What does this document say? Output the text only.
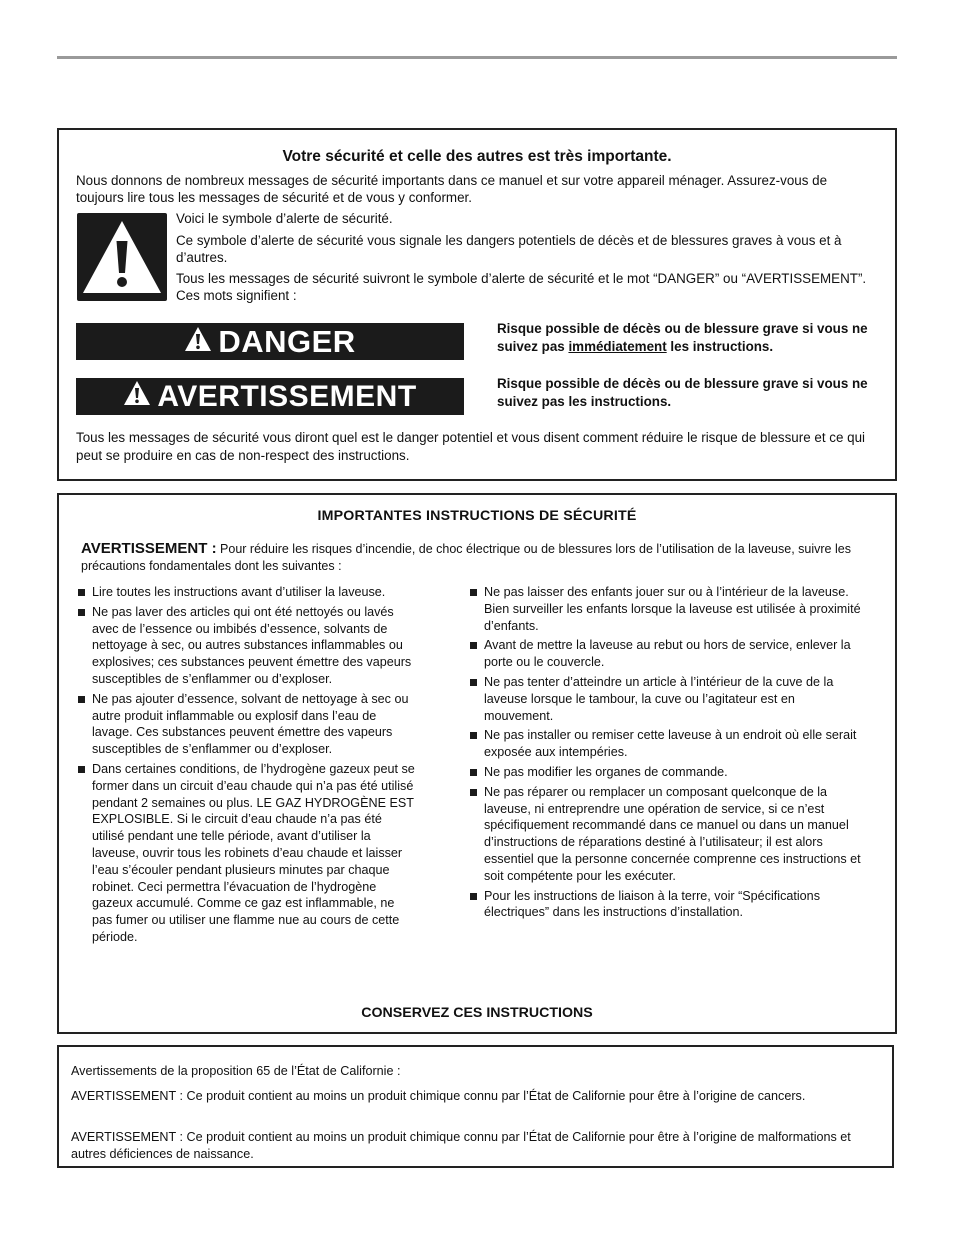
Votre sécurité et celle des autres est très importante.
Nous donnons de nombreux messages de sécurité importants dans ce manuel et sur votre appareil ménager. Assurez-vous de toujours lire tous les messages de sécurité et de vous y conformer.
Voici le symbole d’alerte de sécurité.
Ce symbole d’alerte de sécurité vous signale les dangers potentiels de décès et de blessures graves à vous et à d’autres.
Tous les messages de sécurité suivront le symbole d’alerte de sécurité et le mot “DANGER” ou “AVERTISSEMENT”. Ces mots signifient :
DANGER	Risque possible de décès ou de blessure grave si vous ne suivez pas immédiatement les instructions.
AVERTISSEMENT	Risque possible de décès ou de blessure grave si vous ne suivez pas les instructions.
Tous les messages de sécurité vous diront quel est le danger potentiel et vous disent comment réduire le risque de blessure et ce qui peut se produire en cas de non-respect des instructions.
IMPORTANTES INSTRUCTIONS DE SÉCURITÉ
AVERTISSEMENT : Pour réduire les risques d’incendie, de choc électrique ou de blessures lors de l’utilisation de la laveuse, suivre les précautions fondamentales dont les suivantes :
Lire toutes les instructions avant d’utiliser la laveuse.
Ne pas laver des articles qui ont été nettoyés ou lavés avec de l’essence ou imbibés d’essence, solvants de nettoyage à sec, ou autres substances inflammables ou explosives; ces substances peuvent émettre des vapeurs susceptibles de s’enflammer ou d’exploser.
Ne pas ajouter d’essence, solvant de nettoyage à sec ou autre produit inflammable ou explosif dans l’eau de lavage. Ces substances peuvent émettre des vapeurs susceptibles de s’enflammer ou d’exploser.
Dans certaines conditions, de l’hydrogène gazeux peut se former dans un circuit d’eau chaude qui n’a pas été utilisé pendant 2 semaines ou plus. LE GAZ HYDROGÈNE EST EXPLOSIBLE. Si le circuit d’eau chaude n’a pas été utilisé pendant une telle période, avant d’utiliser la laveuse, ouvrir tous les robinets d’eau chaude et laisser l’eau s’écouler pendant plusieurs minutes par chaque robinet. Ceci permettra l’évacuation de l’hydrogène gazeux accumulé. Comme ce gaz est inflammable, ne pas fumer ou utiliser une flamme nue au cours de cette période.
Ne pas laisser des enfants jouer sur ou à l’intérieur de la laveuse. Bien surveiller les enfants lorsque la laveuse est utilisée à proximité d’enfants.
Avant de mettre la laveuse au rebut ou hors de service, enlever la porte ou le couvercle.
Ne pas tenter d’atteindre un article à l’intérieur de la cuve de la laveuse lorsque le tambour, la cuve ou l’agitateur est en mouvement.
Ne pas installer ou remiser cette laveuse à un endroit où elle serait exposée aux intempéries.
Ne pas modifier les organes de commande.
Ne pas réparer ou remplacer un composant quelconque de la laveuse, ni entreprendre une opération de service, si ce n’est spécifiquement recommandé dans ce manuel ou dans un manuel d’instructions de réparations destiné à l’utilisateur; il est alors essentiel que la personne concernée comprenne ces instructions et soit compétente pour les exécuter.
Pour les instructions de liaison à la terre, voir “Spécifications électriques” dans les instructions d’installation.
CONSERVEZ CES INSTRUCTIONS
Avertissements de la proposition 65 de l’État de Californie :
AVERTISSEMENT : Ce produit contient au moins un produit chimique connu par l’État de Californie pour être à l’origine de cancers.
AVERTISSEMENT : Ce produit contient au moins un produit chimique connu par l’État de Californie pour être à l’origine de malformations et autres déficiences de naissance.
